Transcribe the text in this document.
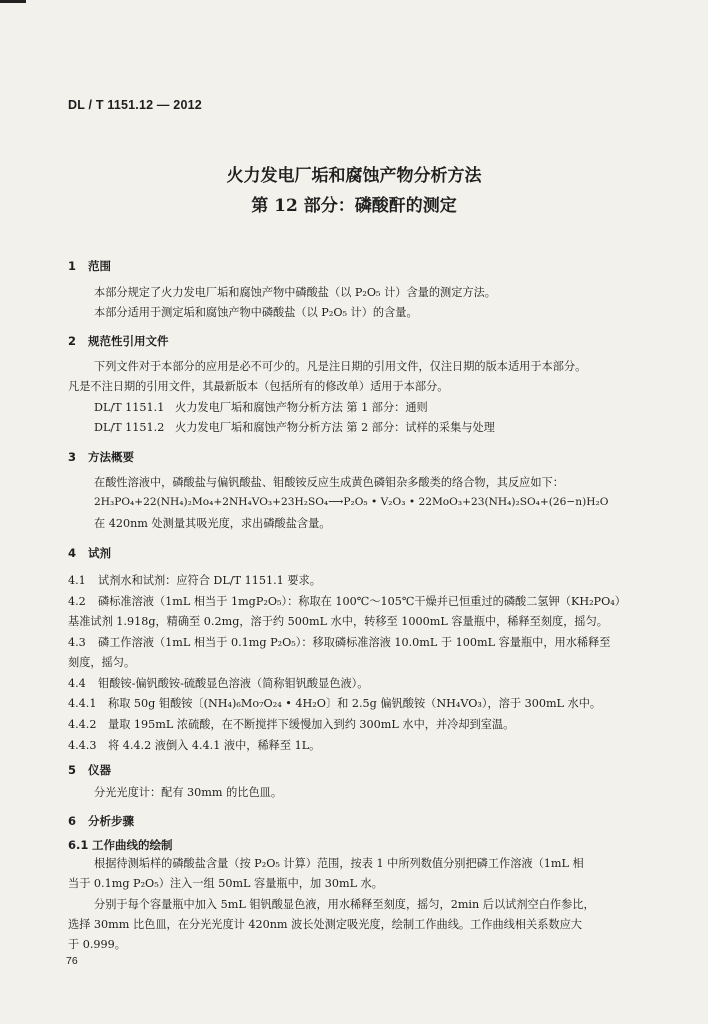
DL / T 1151.12 — 2012
火力发电厂垢和腐蚀产物分析方法
第 12 部分：磷酸酐的测定
1 范围
本部分规定了火力发电厂垢和腐蚀产物中磷酸盐（以 P₂O₅ 计）含量的测定方法。
本部分适用于测定垢和腐蚀产物中磷酸盐（以 P₂O₅ 计）的含量。
2 规范性引用文件
下列文件对于本部分的应用是必不可少的。凡是注日期的引用文件，仅注日期的版本适用于本部分。
凡是不注日期的引用文件，其最新版本（包括所有的修改单）适用于本部分。
DL/T 1151.1 火力发电厂垢和腐蚀产物分析方法 第 1 部分：通则
DL/T 1151.2 火力发电厂垢和腐蚀产物分析方法 第 2 部分：试样的采集与处理
3 方法概要
在酸性溶液中，磷酸盐与偏钒酸盐、钼酸铵反应生成黄色磷钼杂多酸类的络合物，其反应如下：
2H₃PO₄+22(NH₄)₂Mo₄+2NH₄VO₃+23H₂SO₄⟶P₂O₅ • V₂O₃ • 22MoO₃+23(NH₄)₂SO₄+(26−n)H₂O
在 420nm 处测量其吸光度，求出磷酸盐含量。
4 试剂
4.1 试剂水和试剂：应符合 DL/T 1151.1 要求。
4.2 磷标准溶液（1mL 相当于 1mgP₂O₅）：称取在 100℃～105℃干燥并已恒重过的磷酸二氢钾（KH₂PO₄）
基准试剂 1.918g，精确至 0.2mg，溶于约 500mL 水中，转移至 1000mL 容量瓶中，稀释至刻度，摇匀。
4.3 磷工作溶液（1mL 相当于 0.1mg P₂O₅）：移取磷标准溶液 10.0mL 于 100mL 容量瓶中，用水稀释至
刻度，摇匀。
4.4 钼酸铵-偏钒酸铵-硫酸显色溶液（简称钼钒酸显色液）。
4.4.1 称取 50g 钼酸铵〔(NH₄)₆Mo₇O₂₄ • 4H₂O〕和 2.5g 偏钒酸铵（NH₄VO₃），溶于 300mL 水中。
4.4.2 量取 195mL 浓硫酸，在不断搅拌下缓慢加入到约 300mL 水中，并冷却到室温。
4.4.3 将 4.4.2 液倒入 4.4.1 液中，稀释至 1L。
5 仪器
分光光度计：配有 30mm 的比色皿。
6 分析步骤
6.1 工作曲线的绘制
根据待测垢样的磷酸盐含量（按 P₂O₅ 计算）范围，按表 1 中所列数值分别把磷工作溶液（1mL 相
当于 0.1mg P₂O₅）注入一组 50mL 容量瓶中，加 30mL 水。
分别于每个容量瓶中加入 5mL 钼钒酸显色液，用水稀释至刻度，摇匀，2min 后以试剂空白作参比，
选择 30mm 比色皿，在分光光度计 420nm 波长处测定吸光度，绘制工作曲线。工作曲线相关系数应大
于 0.999。
76
